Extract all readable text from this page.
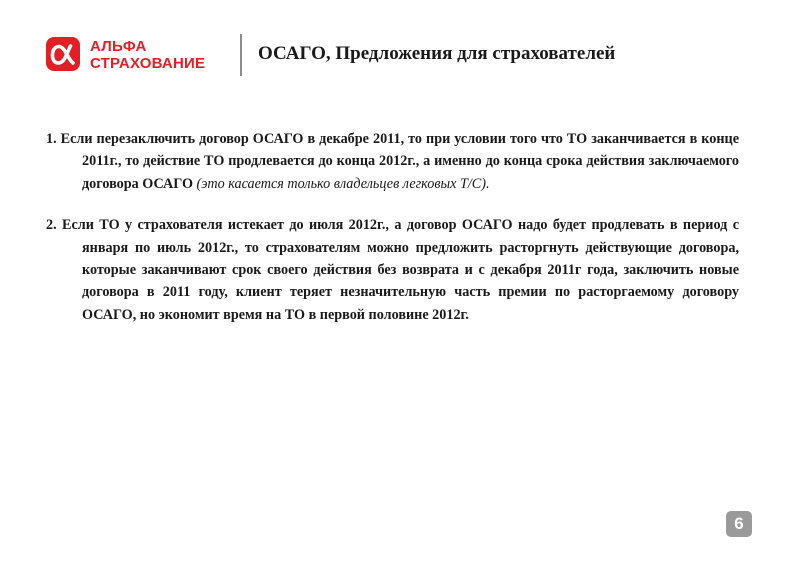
АЛЬФА
СТРАХОВАНИЕ	ОСАГО, Предложения для страхователей

1. Если перезаключить договор ОСАГО в декабре 2011, то при условии того что ТО заканчивается в конце 2011г., то действие ТО продлевается до конца 2012г., а именно до конца срока действия заключаемого договора ОСАГО (это касается только владельцев легковых Т/С).

2. Если ТО у страхователя истекает до июля 2012г., а договор ОСАГО надо будет продлевать в период с января по июль 2012г., то страхователям можно предложить расторгнуть действующие договора, которые заканчивают срок своего действия без возврата и с декабря 2011г года, заключить новые договора в 2011 году, клиент теряет незначительную часть премии по расторгаемому договору ОСАГО, но экономит время на ТО в первой половине 2012г.

6
